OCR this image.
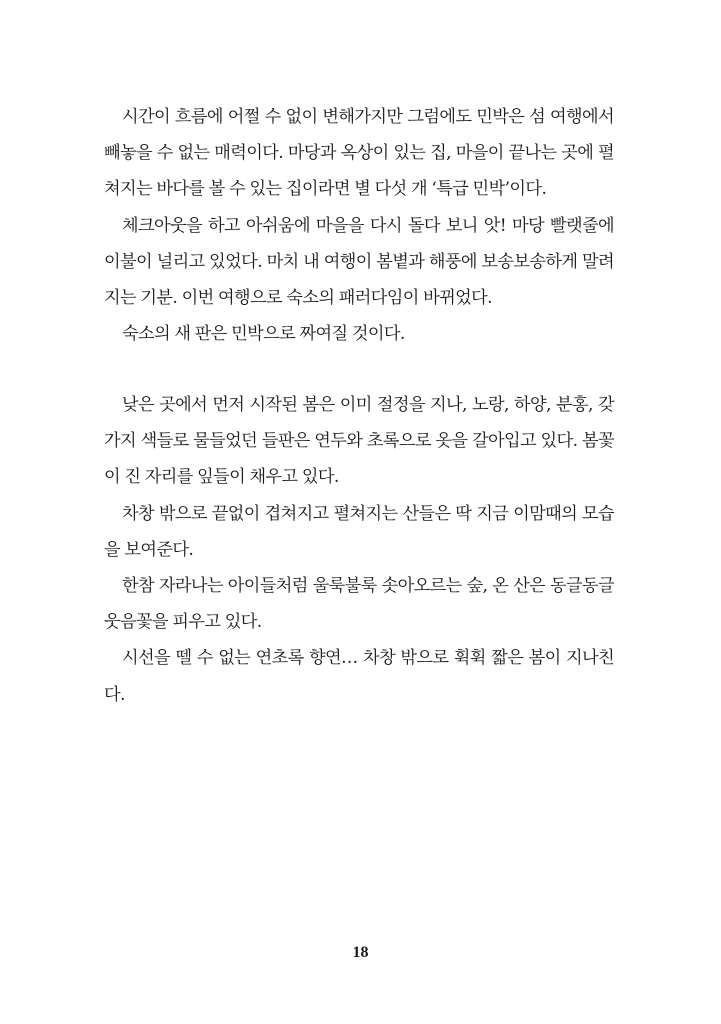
시간이 흐름에 어쩔 수 없이 변해가지만 그럼에도 민박은 섬 여행에서 빼놓을 수 없는 매력이다. 마당과 옥상이 있는 집, 마을이 끝나는 곳에 펼쳐지는 바다를 볼 수 있는 집이라면 별 다섯 개 ‘특급 민박’이다.

체크아웃을 하고 아쉬움에 마을을 다시 돌다 보니 앗! 마당 빨랫줄에 이불이 널리고 있었다. 마치 내 여행이 봄볕과 해풍에 보송보송하게 말려지는 기분. 이번 여행으로 숙소의 패러다임이 바뀌었다.

숙소의 새 판은 민박으로 짜여질 것이다.

낮은 곳에서 먼저 시작된 봄은 이미 절정을 지나, 노랑, 하양, 분홍, 갖가지 색들로 물들었던 들판은 연두와 초록으로 옷을 갈아입고 있다. 봄꽃이 진 자리를 잎들이 채우고 있다.

차창 밖으로 끝없이 겹쳐지고 펼쳐지는 산들은 딱 지금 이맘때의 모습을 보여준다.

한참 자라나는 아이들처럼 울룩불룩 솟아오르는 숲, 온 산은 동글동글 웃음꽃을 피우고 있다.

시선을 뗄 수 없는 연초록 향연… 차창 밖으로 휙휙 짧은 봄이 지나친다.

18
